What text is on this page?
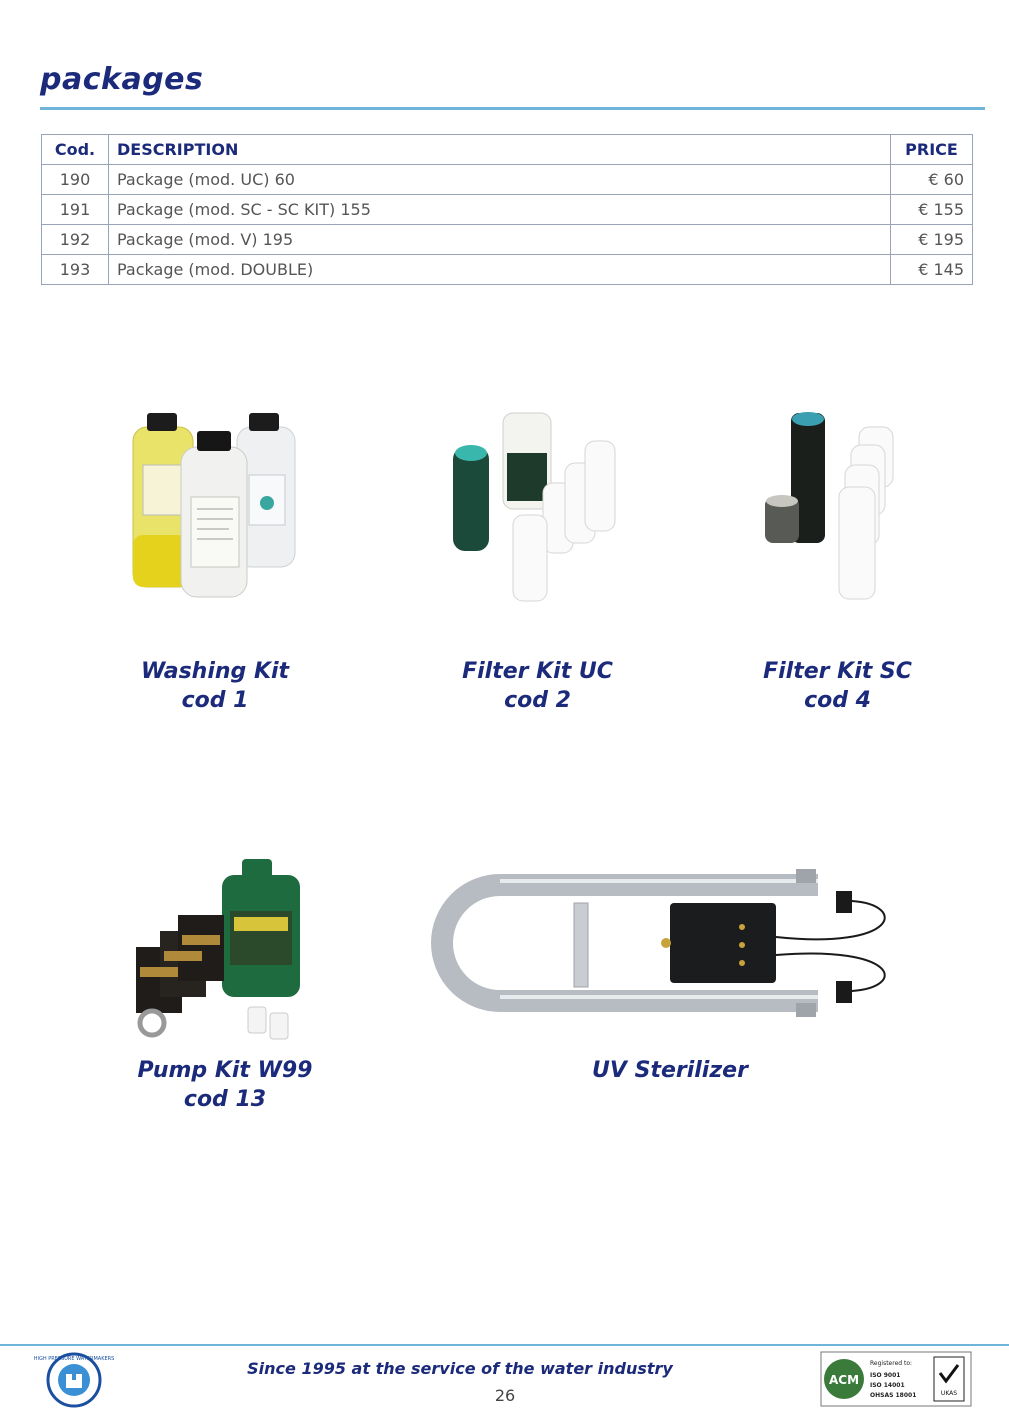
packages
Cod.	DESCRIPTION	PRICE
190	Package (mod. UC) 60	€ 60
191	Package (mod. SC - SC KIT) 155	€ 155
192	Package (mod. V) 195	€ 195
193	Package (mod. DOUBLE)	€ 145
Washing Kit
cod 1
Filter Kit UC
cod 2
Filter Kit SC
cod 4
Pump Kit W99
cod 13
UV Sterilizer
HIGH PRESSURE WATERMAKERS	Since 1995 at the service of the water industry
26
ACM
Registered to:
ISO 9001
ISO 14001
OHSAS 18001	UKAS
